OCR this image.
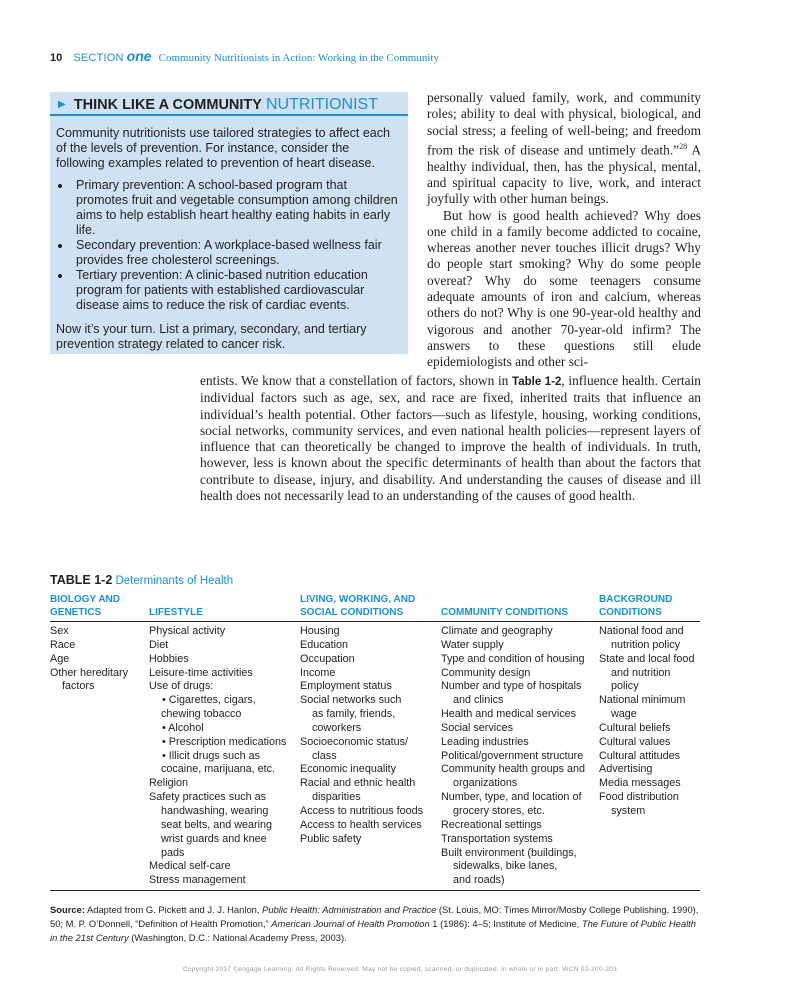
10 SECTION one Community Nutritionists in Action: Working in the Community
▶ THINK LIKE A COMMUNITY NUTRITIONIST

Community nutritionists use tailored strategies to affect each of the levels of prevention. For instance, consider the following examples related to prevention of heart disease.

• Primary prevention: A school-based program that promotes fruit and vegetable consumption among children aims to help establish heart healthy eating habits in early life.
• Secondary prevention: A workplace-based wellness fair provides free cholesterol screenings.
• Tertiary prevention: A clinic-based nutrition education program for patients with established cardiovascular disease aims to reduce the risk of cardiac events.

Now it’s your turn. List a primary, secondary, and tertiary prevention strategy related to cancer risk.

personally valued family, work, and community roles; ability to deal with physical, biological, and social stress; a feeling of well-being; and freedom from the risk of disease and untimely death.”$^{28}$ A healthy individual, then, has the physical, mental, and spiritual capacity to live, work, and interact joyfully with other human beings.

But how is good health achieved? Why does one child in a family become addicted to cocaine, whereas another never touches illicit drugs? Why do people start smoking? Why do some people overeat? Why do some teenagers consume adequate amounts of iron and calcium, whereas others do not? Why is one 90-year-old healthy and vigorous and another 70-year-old infirm? The answers to these questions still elude epidemiologists and other sci-

entists. We know that a constellation of factors, shown in Table 1-2, influence health. Certain individual factors such as age, sex, and race are fixed, inherited traits that influence an individual’s health potential. Other factors—such as lifestyle, housing, working conditions, social networks, community services, and even national health policies—represent layers of influence that can theoretically be changed to improve the health of individuals. In truth, however, less is known about the specific determinants of health than about the factors that contribute to disease, injury, and disability. And understanding the causes of disease and ill health does not necessarily lead to an understanding of the causes of good health.

TABLE 1-2 Determinants of Health
BIOLOGY AND
GENETICS	LIFESTYLE
LIVING, WORKING, AND
SOCIAL CONDITIONS	COMMUNITY CONDITIONS
BACKGROUND
CONDITIONS
Sex
Race
Age
Other hereditary
factors
Physical activity
Diet
Hobbies
Leisure-time activities
Use of drugs:
• Cigarettes, cigars,
chewing tobacco
• Alcohol
• Prescription medications
• Illicit drugs such as
cocaine, marijuana, etc.
Religion
Safety practices such as
handwashing, wearing
seat belts, and wearing
wrist guards and knee
pads
Medical self-care
Stress management
Housing
Education
Occupation
Income
Employment status
Social networks such
as family, friends,
coworkers
Socioeconomic status/
class
Economic inequality
Racial and ethnic health
disparities
Access to nutritious foods
Access to health services
Public safety
Climate and geography
Water supply
Type and condition of housing
Community design
Number and type of hospitals
and clinics
Health and medical services
Social services
Leading industries
Political/government structure
Community health groups and
organizations
Number, type, and location of
grocery stores, etc.
Recreational settings
Transportation systems
Built environment (buildings,
sidewalks, bike lanes,
and roads)
National food and
nutrition policy
State and local food
and nutrition
policy
National minimum
wage
Cultural beliefs
Cultural values
Cultural attitudes
Advertising
Media messages
Food distribution
system
Source: Adapted from G. Pickett and J. J. Hanlon, Public Health: Administration and Practice (St. Louis, MO: Times Mirror/Mosby College Publishing, 1990), 50; M. P. O’Donnell, “Definition of Health Promotion,” American Journal of Health Promotion 1 (1986): 4–5; Institute of Medicine, The Future of Public Health in the 21st Century (Washington, D.C.: National Academy Press, 2003).
Copyright 2017 Cengage Learning. All Rights Reserved. May not be copied, scanned, or duplicated, in whole or in part. WCN 02-200-203
